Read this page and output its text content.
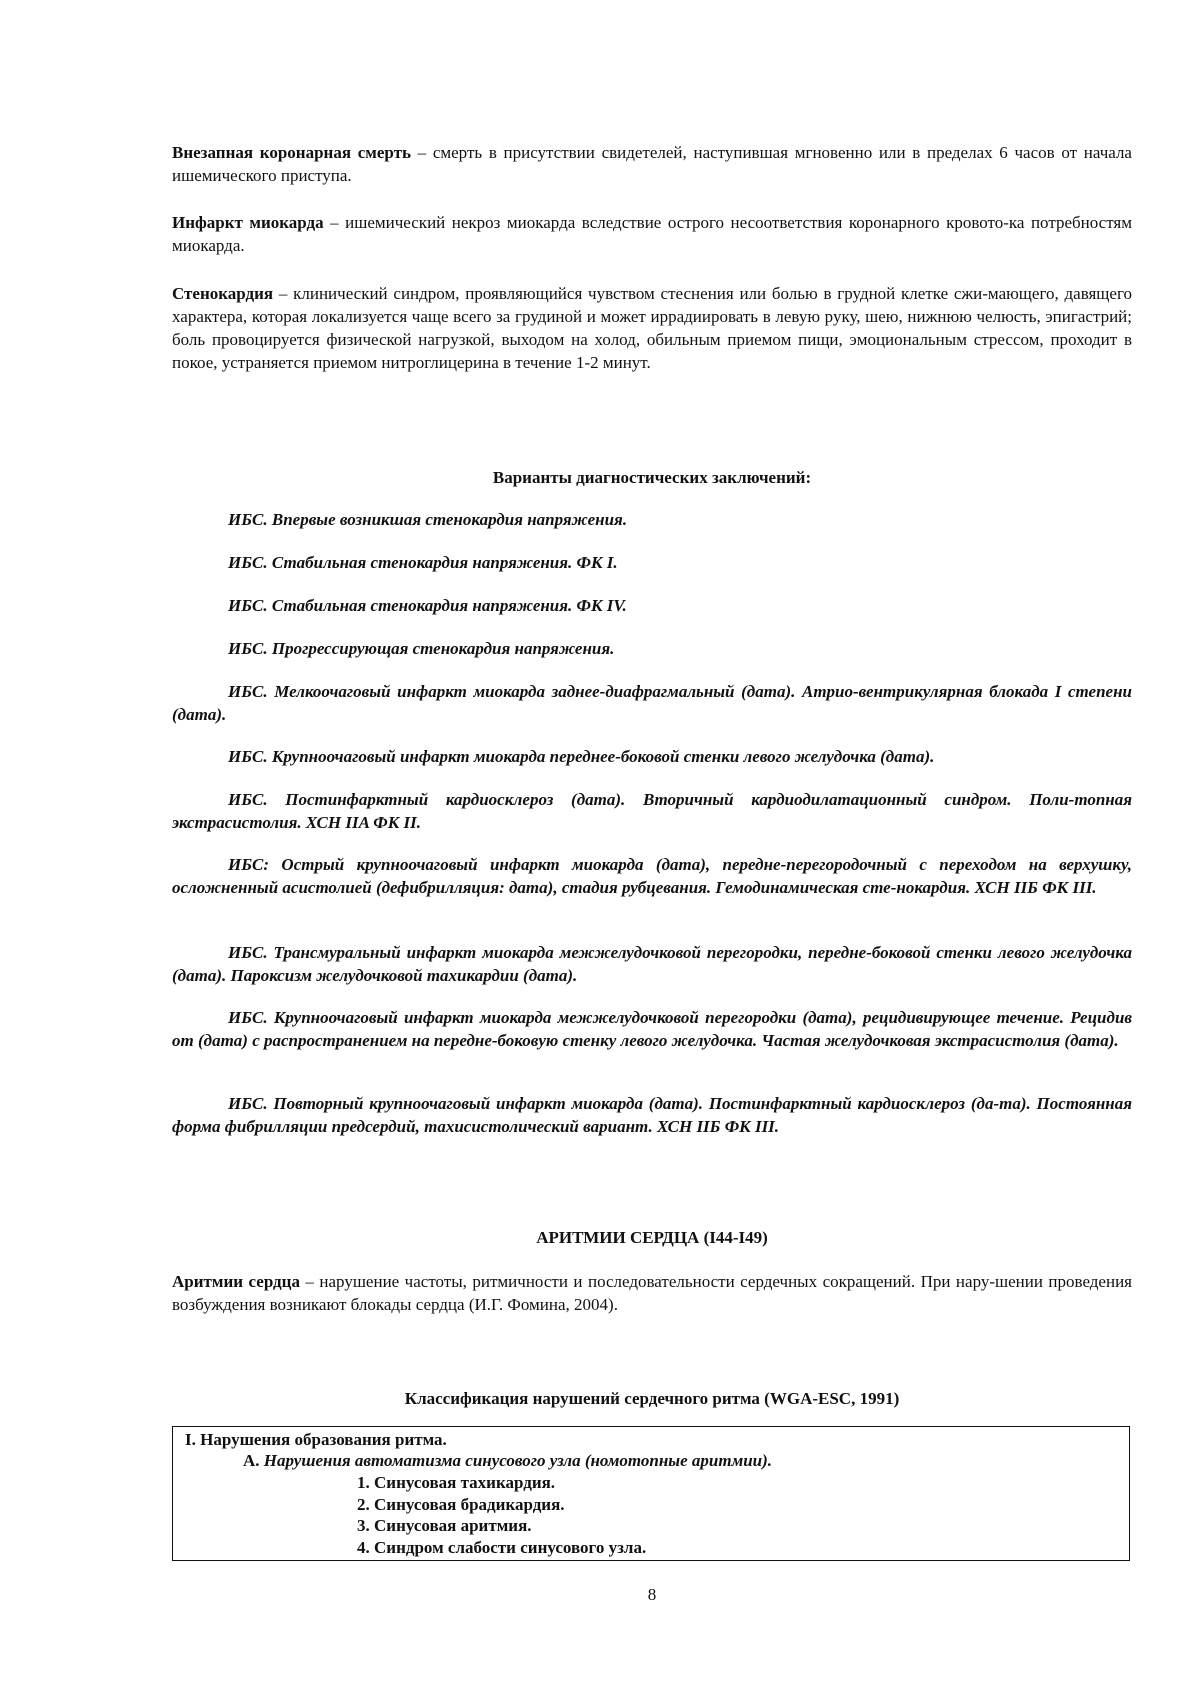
Внезапная коронарная смерть – смерть в присутствии свидетелей, наступившая мгновенно или в пределах 6 часов от начала ишемического приступа.

Инфаркт миокарда – ишемический некроз миокарда вследствие острого несоответствия коронарного кровото-ка потребностям миокарда.

Стенокардия – клинический синдром, проявляющийся чувством стеснения или болью в грудной клетке сжи-мающего, давящего характера, которая локализуется чаще всего за грудиной и может иррадиировать в левую руку, шею, нижнюю челюсть, эпигастрий; боль провоцируется физической нагрузкой, выходом на холод, обильным приемом пищи, эмоциональным стрессом, проходит в покое, устраняется приемом нитроглицерина в течение 1-2 минут.

Варианты диагностических заключений:
ИБС. Впервые возникшая стенокардия напряжения.
ИБС. Стабильная стенокардия напряжения. ФК I.
ИБС. Стабильная стенокардия напряжения. ФК IV.
ИБС. Прогрессирующая стенокардия напряжения.
ИБС. Мелкоочаговый инфаркт миокарда заднее-диафрагмальный (дата). Атрио-вентрикулярная блокада I степени (дата).
ИБС. Крупноочаговый инфаркт миокарда переднее-боковой стенки левого желудочка (дата).
ИБС. Постинфарктный кардиосклероз (дата). Вторичный кардиодилатационный синдром. Поли-топная экстрасистолия. ХСН IIA ФК II.
ИБС: Острый крупноочаговый инфаркт миокарда (дата), передне-перегородочный с переходом на верхушку, осложненный асистолией (дефибрилляция: дата), стадия рубцевания. Гемодинамическая сте-нокардия. ХСН IIБ ФК III.
ИБС. Трансмуральный инфаркт миокарда межжелудочковой перегородки, передне-боковой стенки левого желудочка (дата). Пароксизм желудочковой тахикардии (дата).
ИБС. Крупноочаговый инфаркт миокарда межжелудочковой перегородки (дата), рецидивирующее течение. Рецидив от (дата) с распространением на передне-боковую стенку левого желудочка. Частая желудочковая экстрасистолия (дата).
ИБС. Повторный крупноочаговый инфаркт миокарда (дата). Постинфарктный кардиосклероз (да-та). Постоянная форма фибрилляции предсердий, тахисистолический вариант. ХСН IIБ ФК III.
АРИТМИИ СЕРДЦА (I44-I49)

Аритмии сердца – нарушение частоты, ритмичности и последовательности сердечных сокращений. При нару-шении проведения возбуждения возникают блокады сердца (И.Г. Фомина, 2004).

Классификация нарушений сердечного ритма (WGA-ESC, 1991)
I. Нарушения образования ритма.
А. Нарушения автоматизма синусового узла (номотопные аритмии).
1. Синусовая тахикардия.
2. Синусовая брадикардия.
3. Синусовая аритмия.
4. Синдром слабости синусового узла.
8
